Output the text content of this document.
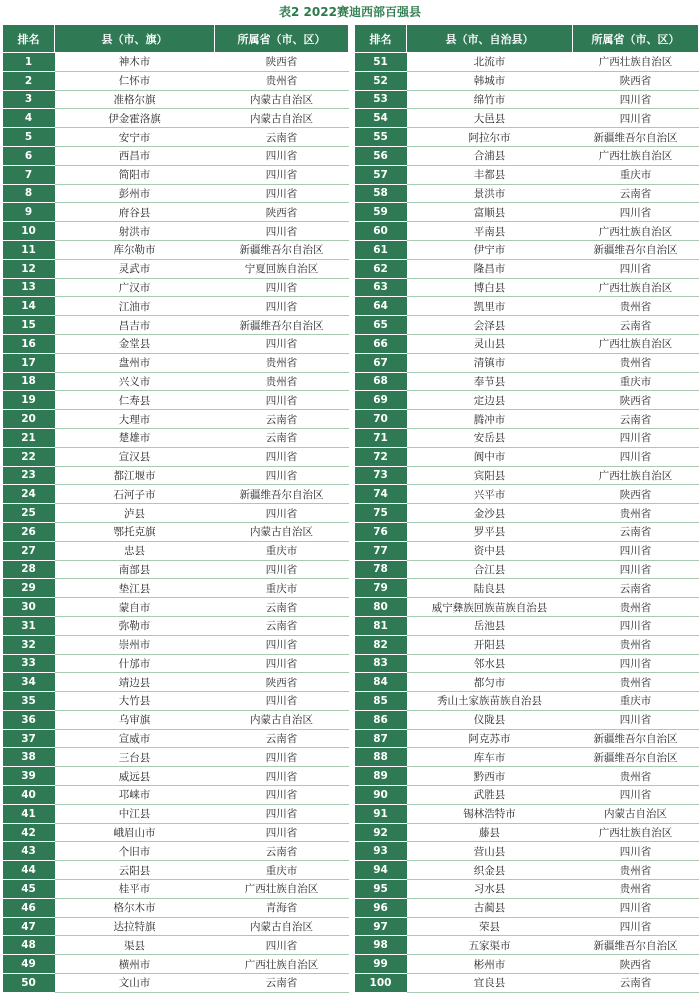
表2 2022赛迪西部百强县
排名	县（市、旗）	所属省（市、区）		排名	县（市、自治县）	所属省（市、区）
1	神木市	陕西省		51	北流市	广西壮族自治区
2	仁怀市	贵州省		52	韩城市	陕西省
3	准格尔旗	内蒙古自治区		53	绵竹市	四川省
4	伊金霍洛旗	内蒙古自治区		54	大邑县	四川省
5	安宁市	云南省		55	阿拉尔市	新疆维吾尔自治区
6	西昌市	四川省		56	合浦县	广西壮族自治区
7	简阳市	四川省		57	丰都县	重庆市
8	彭州市	四川省		58	景洪市	云南省
9	府谷县	陕西省		59	富顺县	四川省
10	射洪市	四川省		60	平南县	广西壮族自治区
11	库尔勒市	新疆维吾尔自治区		61	伊宁市	新疆维吾尔自治区
12	灵武市	宁夏回族自治区		62	隆昌市	四川省
13	广汉市	四川省		63	博白县	广西壮族自治区
14	江油市	四川省		64	凯里市	贵州省
15	昌吉市	新疆维吾尔自治区		65	会泽县	云南省
16	金堂县	四川省		66	灵山县	广西壮族自治区
17	盘州市	贵州省		67	清镇市	贵州省
18	兴义市	贵州省		68	奉节县	重庆市
19	仁寿县	四川省		69	定边县	陕西省
20	大理市	云南省		70	腾冲市	云南省
21	楚雄市	云南省		71	安岳县	四川省
22	宣汉县	四川省		72	阆中市	四川省
23	都江堰市	四川省		73	宾阳县	广西壮族自治区
24	石河子市	新疆维吾尔自治区		74	兴平市	陕西省
25	泸县	四川省		75	金沙县	贵州省
26	鄂托克旗	内蒙古自治区		76	罗平县	云南省
27	忠县	重庆市		77	资中县	四川省
28	南部县	四川省		78	合江县	四川省
29	垫江县	重庆市		79	陆良县	云南省
30	蒙自市	云南省		80	威宁彝族回族苗族自治县	贵州省
31	弥勒市	云南省		81	岳池县	四川省
32	崇州市	四川省		82	开阳县	贵州省
33	什邡市	四川省		83	邻水县	四川省
34	靖边县	陕西省		84	都匀市	贵州省
35	大竹县	四川省		85	秀山土家族苗族自治县	重庆市
36	乌审旗	内蒙古自治区		86	仪陇县	四川省
37	宣威市	云南省		87	阿克苏市	新疆维吾尔自治区
38	三台县	四川省		88	库车市	新疆维吾尔自治区
39	威远县	四川省		89	黔西市	贵州省
40	邛崃市	四川省		90	武胜县	四川省
41	中江县	四川省		91	锡林浩特市	内蒙古自治区
42	峨眉山市	四川省		92	藤县	广西壮族自治区
43	个旧市	云南省		93	营山县	四川省
44	云阳县	重庆市		94	织金县	贵州省
45	桂平市	广西壮族自治区		95	习水县	贵州省
46	格尔木市	青海省		96	古蔺县	四川省
47	达拉特旗	内蒙古自治区		97	荣县	四川省
48	渠县	四川省		98	五家渠市	新疆维吾尔自治区
49	横州市	广西壮族自治区		99	彬州市	陕西省
50	文山市	云南省		100	宜良县	云南省
